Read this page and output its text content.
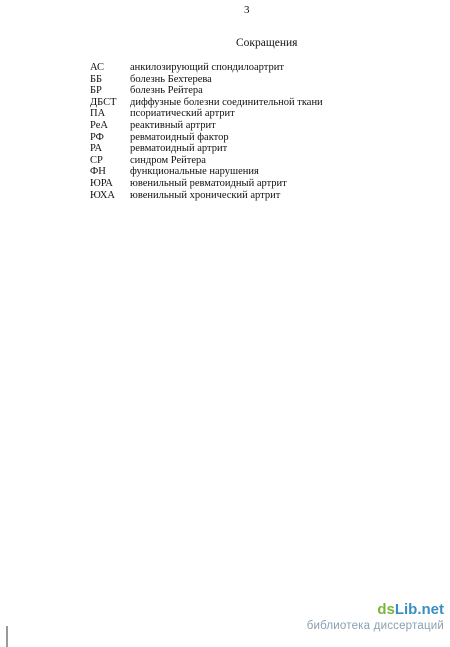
3
Сокращения
АС анкилозирующий спондилоартрит
ББ	болезнь Бехтерева
БР	болезнь Рейтера
ДБСТ диффузные болезни соединительной ткани
ПА псориатический артрит
РеА реактивный артрит
РФ ревматоидный фактор
РА	ревматоидный артрит
СР	синдром Рейтера
ФН функциональные нарушения
ЮРА ювенильный ревматоидный артрит
ЮХА ювенильный хронический артрит
dsLib.net
библиотека диссертаций
